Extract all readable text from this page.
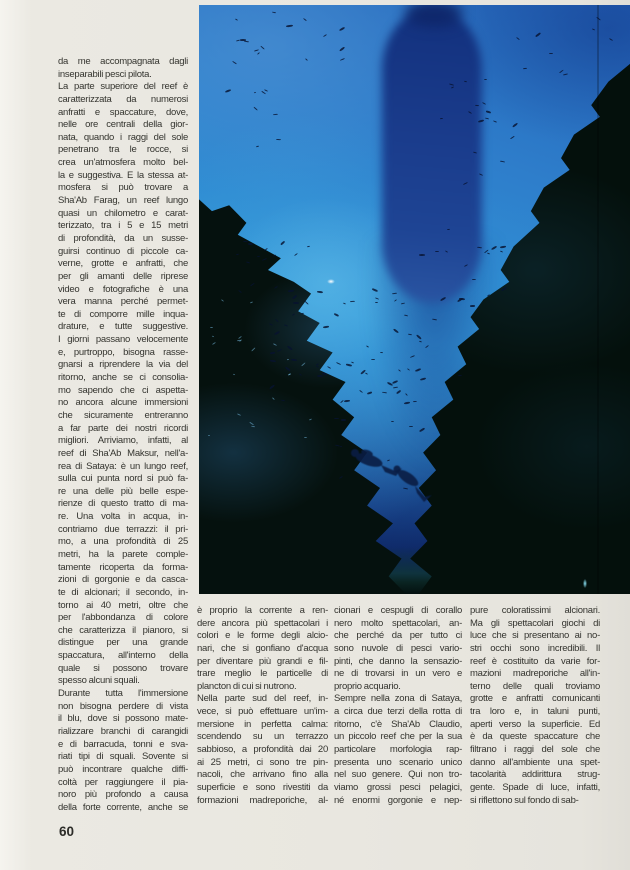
da me accompagnata dagli
inseparabili pesci pilota.
La parte superiore del reef è
caratterizzata da numerosi
anfratti e spaccature, dove,
nelle ore centrali della gior-
nata, quando i raggi del sole
penetrano tra le rocce, si
crea un'atmosfera molto bel-
la e suggestiva. E la stessa at-
mosfera si può trovare a
Sha'Ab Farag, un reef lungo
quasi un chilometro e carat-
terizzato, tra i 5 e 15 metri
di profondità, da un susse-
guirsi continuo di piccole ca-
verne, grotte e anfratti, che
per gli amanti delle riprese
video e fotografiche è una
vera manna perché permet-
te di comporre mille inqua-
drature, e tutte suggestive.
I giorni passano velocemente
e, purtroppo, bisogna rasse-
gnarsi a riprendere la via del
ritorno, anche se ci consolia-
mo sapendo che ci aspetta-
no ancora alcune immersioni
che sicuramente entreranno
a far parte dei nostri ricordi
migliori. Arriviamo, infatti, al
reef di Sha'Ab Maksur, nell'a-
rea di Sataya: è un lungo reef,
sulla cui punta nord si può fa-
re una delle più belle espe-
rienze di questo tratto di ma-
re. Una volta in acqua, in-
contriamo due terrazzi: il pri-
mo, a una profondità di 25
metri, ha la parete comple-
tamente ricoperta da forma-
zioni di gorgonie e da casca-
te di alcionari; il secondo, in-
torno ai 40 metri, oltre che
per l'abbondanza di colore
che caratterizza il pianoro, si
distingue per una grande
spaccatura, all'interno della
quale si possono trovare
spesso alcuni squali.
Durante tutta l'immersione
non bisogna perdere di vista
il blu, dove si possono mate-
rializzare branchi di carangidi
e di barracuda, tonni e sva-
riati tipi di squali. Sovente si
può incontrare qualche diffi-
coltà per raggiungere il pia-
noro più profondo a causa
della forte corrente, anche se
è proprio la corrente a ren-
dere ancora più spettacolari i
colori e le forme degli alcio-
nari, che si gonfiano d'acqua
per diventare più grandi e fil-
trare meglio le particelle di
plancton di cui si nutrono.
Nella parte sud del reef, in-
vece, si può effettuare un'im-
mersione in perfetta calma:
scendendo su un terrazzo
sabbioso, a profondità dai 20
ai 25 metri, ci sono tre pin-
nacoli, che arrivano fino alla
superficie e sono rivestiti da
formazioni madreporiche, al-
cionari e cespugli di corallo
nero molto spettacolari, an-
che perché da per tutto ci
sono nuvole di pesci vario-
pinti, che danno la sensazio-
ne di trovarsi in un vero e
proprio acquario.
Sempre nella zona di Sataya,
a circa due terzi della rotta di
ritorno, c'è Sha'Ab Claudio,
un piccolo reef che per la sua
particolare morfologia rap-
presenta uno scenario unico
nel suo genere. Qui non tro-
viamo grossi pesci pelagici,
né enormi gorgonie e nep-
pure coloratissimi alcionari.
Ma gli spettacolari giochi di
luce che si presentano ai no-
stri occhi sono incredibili. Il
reef è costituito da varie for-
mazioni madreporiche all'in-
terno delle quali troviamo
grotte e anfratti comunicanti
tra loro e, in taluni punti,
aperti verso la superficie. Ed
è da queste spaccature che
filtrano i raggi del sole che
danno all'ambiente una spet-
tacolarità addirittura strug-
gente. Spade di luce, infatti,
si riflettono sul fondo di sab-
60
